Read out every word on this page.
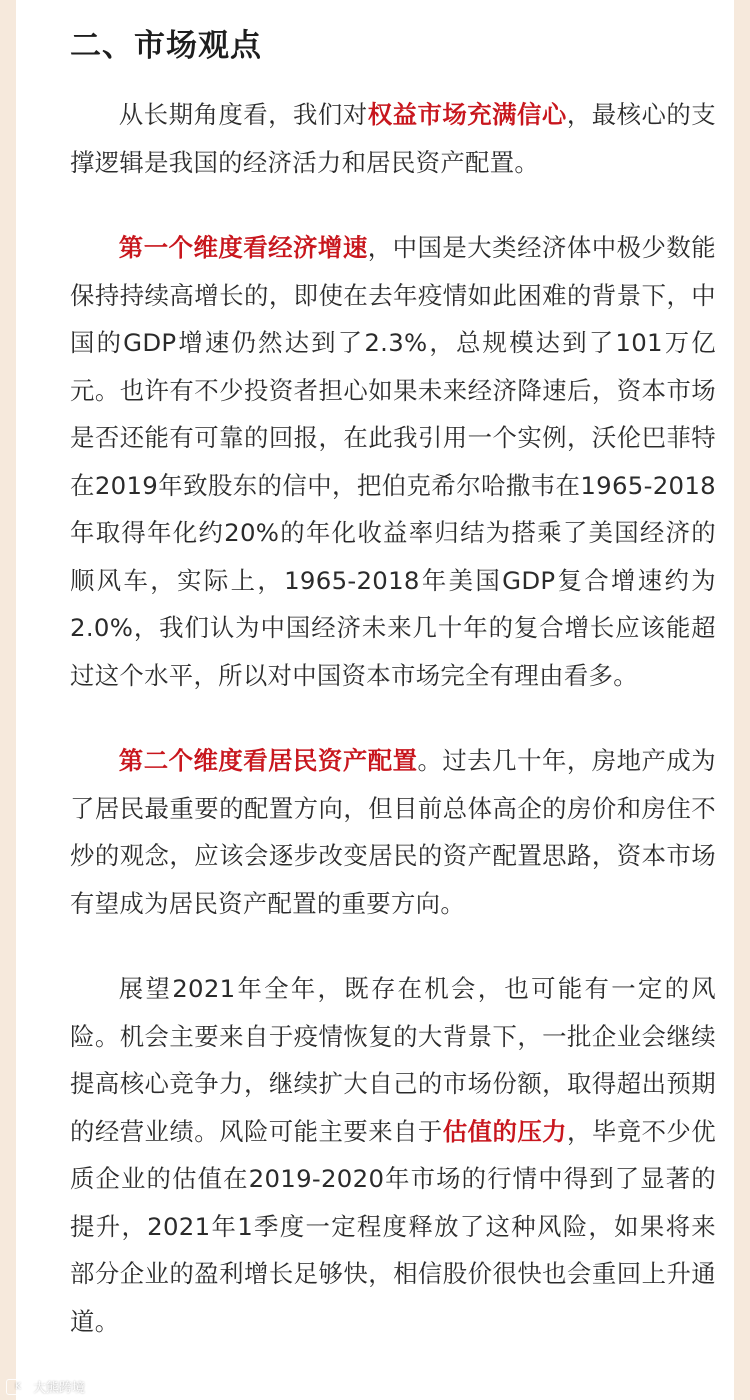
二、市场观点

从长期角度看，我们对权益市场充满信心，最核心的支撑逻辑是我国的经济活力和居民资产配置。

第一个维度看经济增速，中国是大类经济体中极少数能保持持续高增长的，即使在去年疫情如此困难的背景下，中国的GDP增速仍然达到了2.3%，总规模达到了101万亿元。也许有不少投资者担心如果未来经济降速后，资本市场是否还能有可靠的回报，在此我引用一个实例，沃伦巴菲特在2019年致股东的信中，把伯克希尔哈撒韦在1965-2018年取得年化约20%的年化收益率归结为搭乘了美国经济的顺风车，实际上，1965-2018年美国GDP复合增速约为2.0%，我们认为中国经济未来几十年的复合增长应该能超过这个水平，所以对中国资本市场完全有理由看多。

第二个维度看居民资产配置。过去几十年，房地产成为了居民最重要的配置方向，但目前总体高企的房价和房住不炒的观念，应该会逐步改变居民的资产配置思路，资本市场有望成为居民资产配置的重要方向。

展望2021年全年，既存在机会，也可能有一定的风险。机会主要来自于疫情恢复的大背景下，一批企业会继续提高核心竞争力，继续扩大自己的市场份额，取得超出预期的经营业绩。风险可能主要来自于估值的压力，毕竟不少优质企业的估值在2019-2020年市场的行情中得到了显著的提升，2021年1季度一定程度释放了这种风险，如果将来部分企业的盈利增长足够快，相信股价很快也会重回上升通道。

K 大熊跨境
